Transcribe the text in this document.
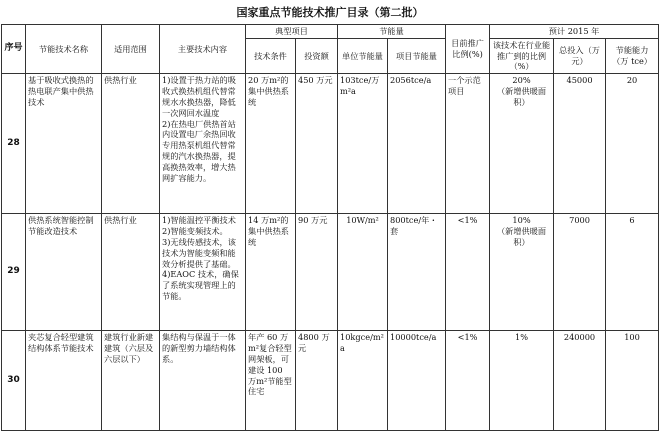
国家重点节能技术推广目录（第二批）
序号	节能技术名称	适用范围	主要技术内容	典型项目		节能量		目前推广比例(%)	预计 2015 年		
				技术条件	投资额	单位节能量	项目节能量		该技术在行业能推广到的比例（%）	总投入（万元）	节能能力（万 tce）

28	基于吸收式换热的热电联产集中供热技术	供热行业	1)设置于热力站的吸收式换热机组代替常规水水换热器，降低一次网回水温度
2)在热电厂供热首站内设置电厂余热回收专用热泵机组代替常规的汽水换热器，提高换热效率，增大热网扩容能力。	20 万m²的集中供热系统	450 万元	103tce/万m²a	2056tce/a	一个示范项目	20%
（新增供暖面积）	45000	20
29	供热系统智能控制节能改造技术	供热行业	1)智能温控平衡技术
2)智能变频技术。
3)无线传感技术，该技术为智能变频和能效分析提供了基础。
4)EAOC 技术，确保了系统实现管理上的节能。	14 万m²的集中供热系统	90 万元	10W/m²	800tce/年・套	<1%	10%
（新增供暖面积）	7000	6
30	夹芯复合轻型建筑结构体系节能技术	建筑行业新建建筑（六层及六层以下）	集结构与保温于一体的新型剪力墙结构体系。	年产 60 万m²复合轻型网架板，可建设 100 万m²节能型住宅	4800 万元	10kgce/m²a	10000tce/a	<1%	1%	240000	100
